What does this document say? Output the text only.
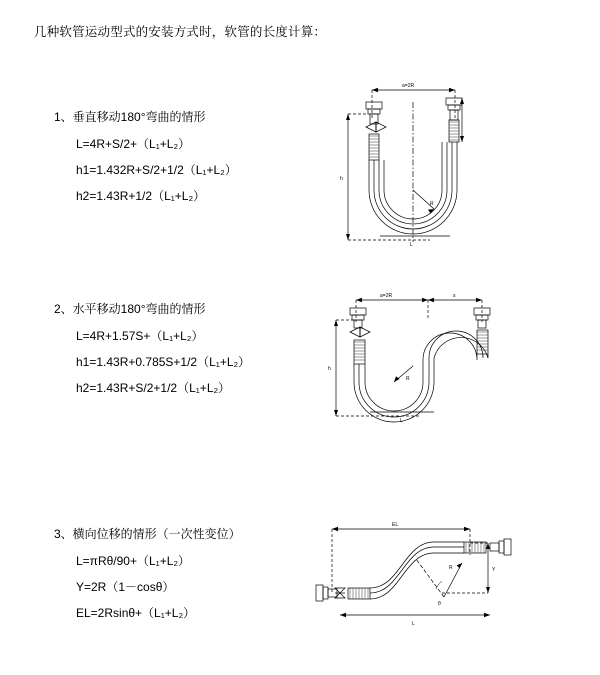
几种软管运动型式的安装方式时，软管的长度计算：
1、垂直移动180°弯曲的情形
L=4R+S/2+（L₁+L₂）
h1=1.432R+S/2+1/2（L₁+L₂）
h2=1.43R+1/2（L₁+L₂）
a=2R
h
R
L
2、水平移动180°弯曲的情形
L=4R+1.57S+（L₁+L₂）
h1=1.43R+0.785S+1/2（L₁+L₂）
h2=1.43R+S/2+1/2（L₁+L₂）
a=2R	s
h
R
L
3、横向位移的情形（一次性变位）
L=πRθ/90+（L₁+L₂）
Y=2R（1－cosθ）
EL=2Rsinθ+（L₁+L₂）
EL
Y
R
θ
L
